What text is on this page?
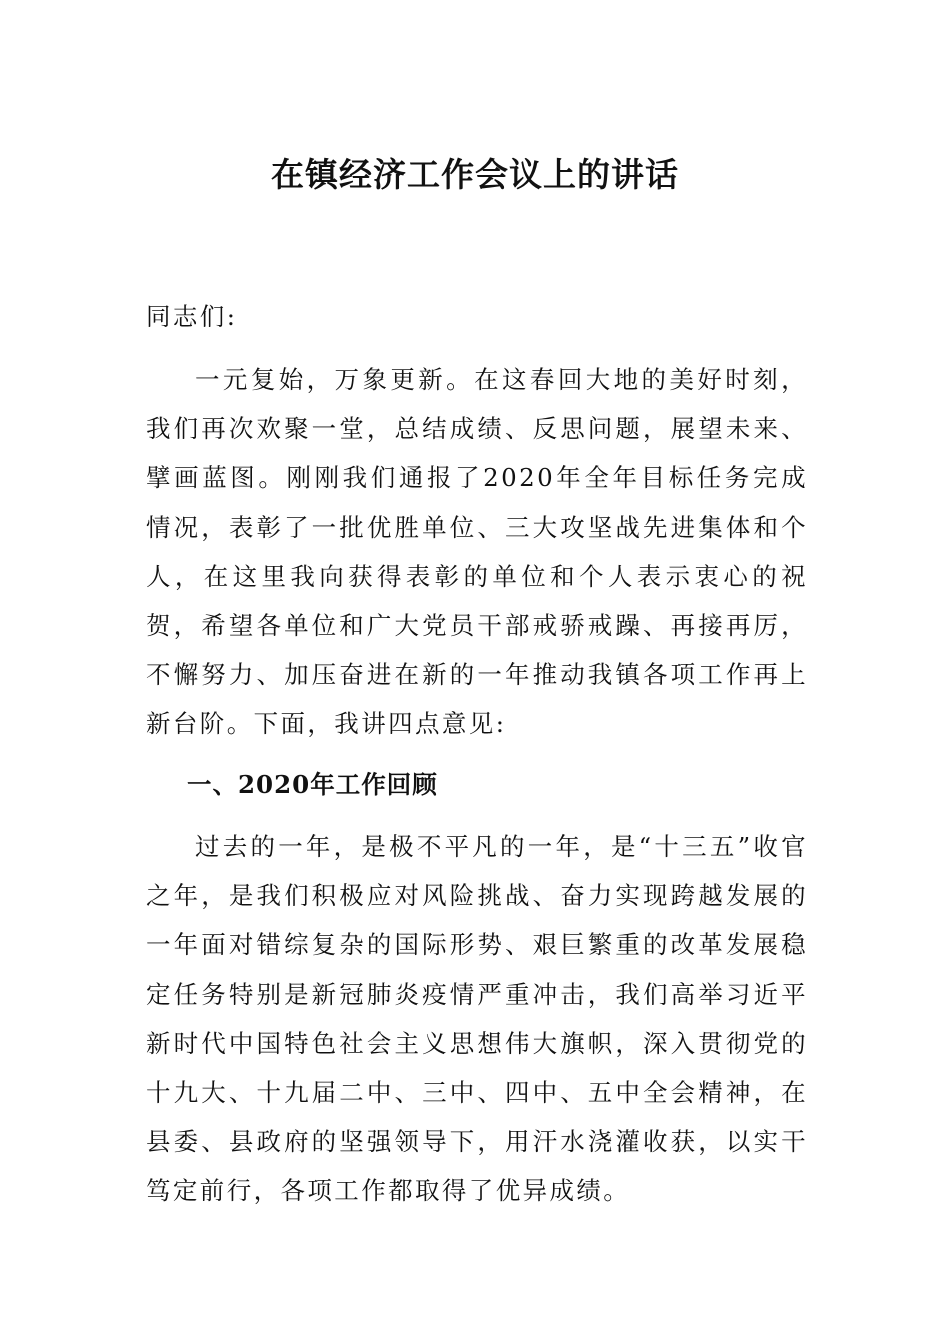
在镇经济工作会议上的讲话

同志们:

一元复始，万象更新。在这春回大地的美好时刻，我们再次欢聚一堂，总结成绩、反思问题，展望未来、擘画蓝图。刚刚我们通报了2020年全年目标任务完成情况，表彰了一批优胜单位、三大攻坚战先进集体和个人，在这里我向获得表彰的单位和个人表示衷心的祝贺，希望各单位和广大党员干部戒骄戒躁、再接再厉，不懈努力、加压奋进在新的一年推动我镇各项工作再上新台阶。下面，我讲四点意见:

一、2020年工作回顾

过去的一年，是极不平凡的一年，是“十三五”收官之年，是我们积极应对风险挑战、奋力实现跨越发展的一年面对错综复杂的国际形势、艰巨繁重的改革发展稳定任务特别是新冠肺炎疫情严重冲击，我们高举习近平新时代中国特色社会主义思想伟大旗帜，深入贯彻党的十九大、十九届二中、三中、四中、五中全会精神，在县委、县政府的坚强领导下，用汗水浇灌收获，以实干笃定前行，各项工作都取得了优异成绩。
